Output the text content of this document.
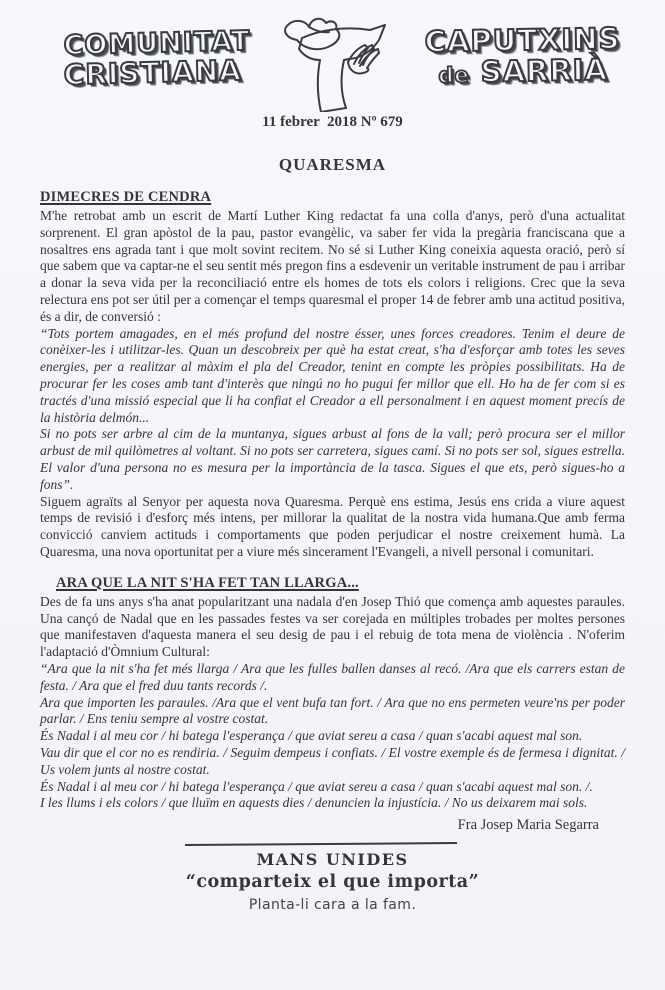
COMUNITAT
CRISTIANA
CAPUTXINS
de SARRIÀ
11 febrer  2018 Nº 679
QUARESMA
DIMECRES DE CENDRA

M'he retrobat amb un escrit de Martí Luther King redactat fa una colla d'anys, però d'una actualitat sorprenent. El gran apòstol de la pau, pastor evangèlic, va saber fer vida la pregària franciscana que a nosaltres ens agrada tant i que molt sovint recitem. No sé si Luther King coneixia aquesta oració, però sí que sabem que va captar-ne el seu sentit més pregon fins a esdevenir un veritable instrument de pau i arribar a donar la seva vida per la reconciliació entre els homes de tots els colors i religions. Crec que la seva relectura ens pot ser útil per a començar el temps quaresmal el proper 14 de febrer amb una actitud positiva, és a dir, de conversió :

“Tots portem amagades, en el més profund del nostre ésser, unes forces creadores. Tenim el deure de conèixer-les i utilitzar-les. Quan un descobreix per què ha estat creat, s'ha d'esforçar amb totes les seves energies, per a realitzar al màxim el pla del Creador, tenint en compte les pròpies possibilitats. Ha de procurar fer les coses amb tant d'interès que ningú no ho pugui fer millor que ell. Ho ha de fer com si es tractés d'una missió especial que li ha confiat el Creador a ell personalment i en aquest moment precís de la història delmón...

Si no pots ser arbre al cim de la muntanya, sigues arbust al fons de la vall; però procura ser el millor arbust de mil quilòmetres al voltant. Si no pots ser carretera, sigues camí. Si no pots ser sol, sigues estrella. El valor d'una persona no es mesura per la importància de la tasca. Sigues el que ets, però sigues-ho a fons”.

Siguem agraïts al Senyor per aquesta nova Quaresma. Perquè ens estima, Jesús ens crida a viure aquest temps de revisió i d'esforç més intens, per millorar la qualitat de la nostra vida humana.Que amb ferma convicció canviem actituds i comportaments que poden perjudicar el nostre creixement humà. La Quaresma, una nova oportunitat per a viure més sincerament l'Evangeli, a nivell personal i comunitari.

ARA QUE LA NIT S'HA FET TAN LLARGA...

Des de fa uns anys s'ha anat popularitzant una nadala d'en Josep Thió que comença amb aquestes paraules. Una cançó de Nadal que en les passades festes va ser corejada en múltiples trobades per moltes persones que manifestaven d'aquesta manera el seu desig de pau i el rebuig de tota mena de violència . N'oferim l'adaptació d'Òmnium Cultural:

“Ara que la nit s'ha fet més llarga / Ara que les fulles ballen danses al recó. /Ara que els carrers estan de festa. / Ara que el fred duu tants records /.

Ara que importen les paraules. /Ara que el vent bufa tan fort. / Ara que no ens permeten veure'ns per poder parlar. / Ens teniu sempre al vostre costat.

És Nadal i al meu cor / hi batega l'esperança / que aviat sereu a casa / quan s'acabi aquest mal son.

Vau dir que el cor no es rendiria. / Seguim dempeus i confiats. / El vostre exemple és de fermesa i dignitat. / Us volem junts al nostre costat.

És Nadal i al meu cor / hi batega l'esperança / que aviat sereu a casa / quan s'acabi aquest mal son. /.

I les llums i els colors / que lluïm en aquests dies / denuncien la injustícia. / No us deixarem mai sols.

Fra Josep Maria Segarra
MANS UNIDES
“comparteix el que importa”
Planta-li cara a la fam.
